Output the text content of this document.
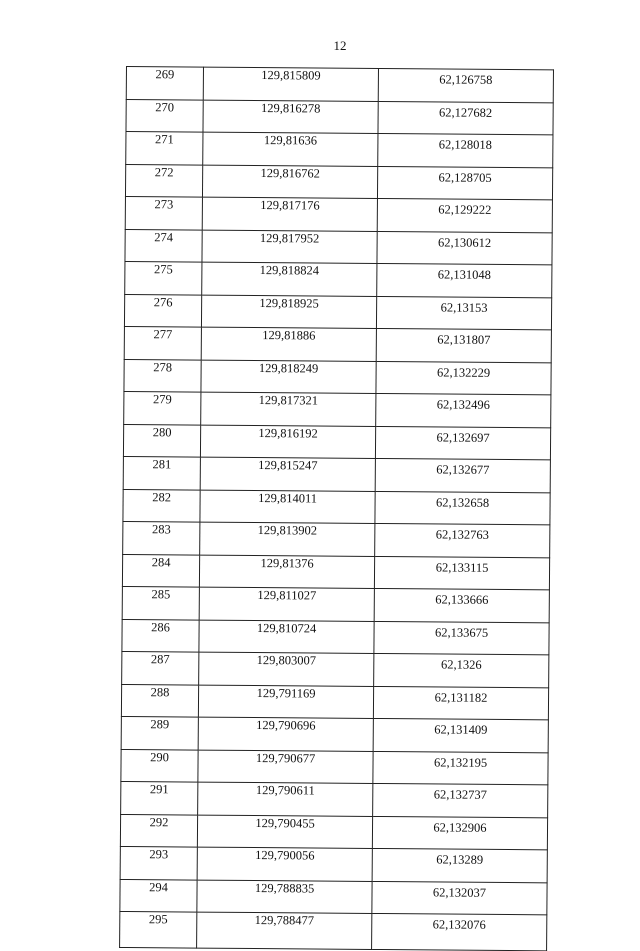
12
269	129,815809	62,126758
270	129,816278	62,127682
271	129,81636	62,128018
272	129,816762	62,128705
273	129,817176	62,129222
274	129,817952	62,130612
275	129,818824	62,131048
276	129,818925	62,13153
277	129,81886	62,131807
278	129,818249	62,132229
279	129,817321	62,132496
280	129,816192	62,132697
281	129,815247	62,132677
282	129,814011	62,132658
283	129,813902	62,132763
284	129,81376	62,133115
285	129,811027	62,133666
286	129,810724	62,133675
287	129,803007	62,1326
288	129,791169	62,131182
289	129,790696	62,131409
290	129,790677	62,132195
291	129,790611	62,132737
292	129,790455	62,132906
293	129,790056	62,13289
294	129,788835	62,132037
295	129,788477	62,132076
